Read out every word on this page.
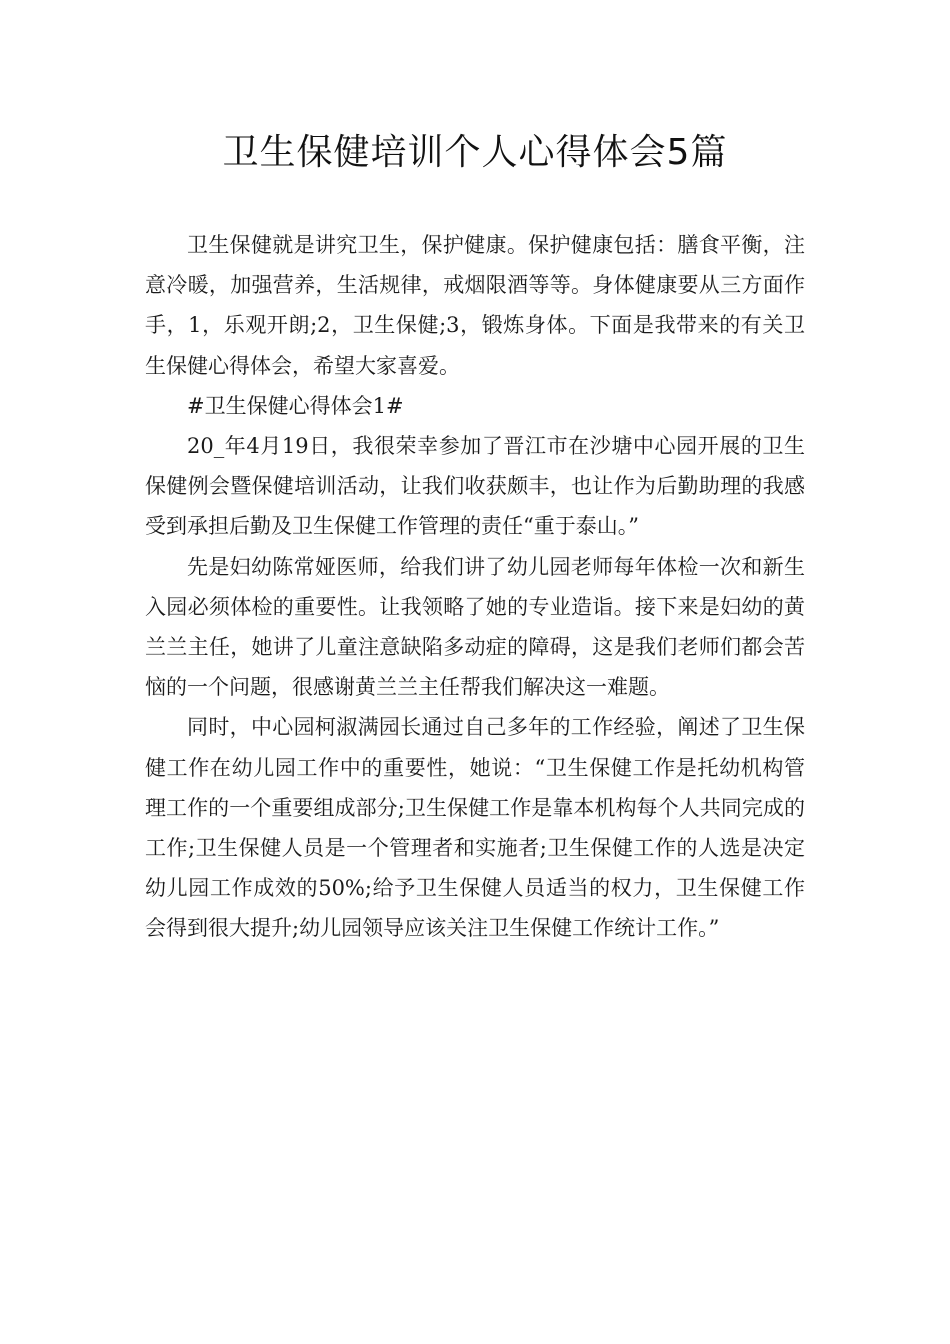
卫生保健培训个人心得体会5篇

卫生保健就是讲究卫生，保护健康。保护健康包括：膳食平衡，注意冷暖，加强营养，生活规律，戒烟限酒等等。身体健康要从三方面作手，1，乐观开朗;2，卫生保健;3，锻炼身体。下面是我带来的有关卫生保健心得体会，希望大家喜爱。

#卫生保健心得体会1#

20_年4月19日，我很荣幸参加了晋江市在沙塘中心园开展的卫生保健例会暨保健培训活动，让我们收获颇丰，也让作为后勤助理的我感受到承担后勤及卫生保健工作管理的责任“重于泰山。”

先是妇幼陈常娅医师，给我们讲了幼儿园老师每年体检一次和新生入园必须体检的重要性。让我领略了她的专业造诣。接下来是妇幼的黄兰兰主任，她讲了儿童注意缺陷多动症的障碍，这是我们老师们都会苦恼的一个问题，很感谢黄兰兰主任帮我们解决这一难题。

同时，中心园柯淑满园长通过自己多年的工作经验，阐述了卫生保健工作在幼儿园工作中的重要性，她说：“卫生保健工作是托幼机构管理工作的一个重要组成部分;卫生保健工作是靠本机构每个人共同完成的工作;卫生保健人员是一个管理者和实施者;卫生保健工作的人选是决定幼儿园工作成效的50%;给予卫生保健人员适当的权力，卫生保健工作会得到很大提升;幼儿园领导应该关注卫生保健工作统计工作。”
